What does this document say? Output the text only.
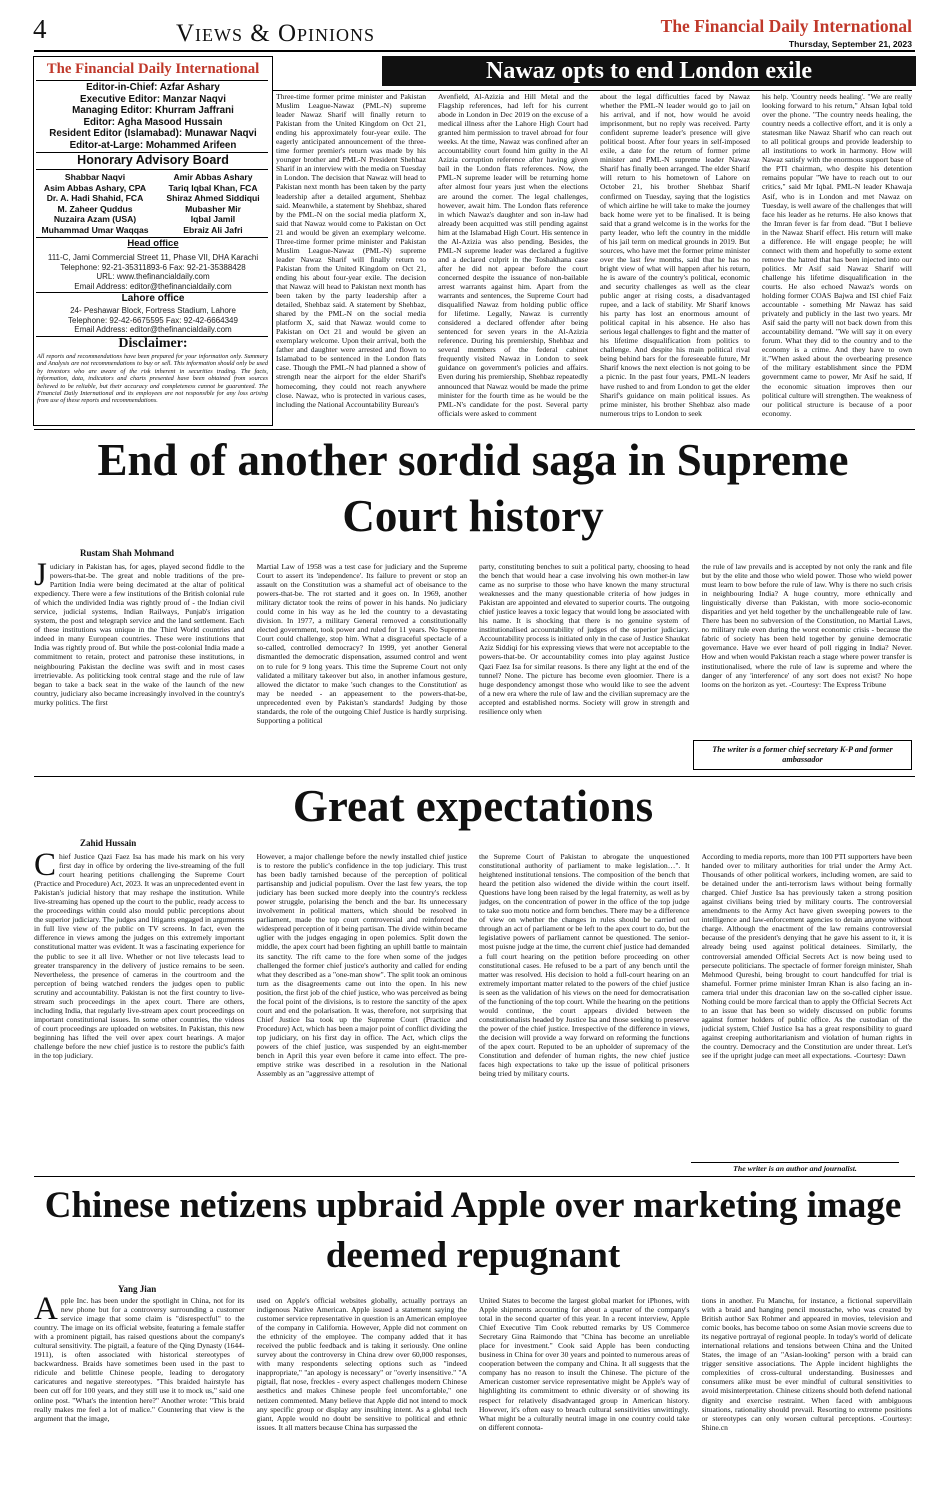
4	Views & Opinions	The Financial Daily International
Thursday, September 21, 2023
The Financial Daily International
Editor-in-Chief: Azfar Ashary
Executive Editor: Manzar Naqvi
Managing Editor: Khurram Jaffrani
Editor: Agha Masood Hussain
Resident Editor (Islamabad): Munawar Naqvi
Editor-at-Large: Mohammed Arifeen
Honorary Advisory Board
Shabbar Naqvi
Asim Abbas Ashary, CPA
Dr. A. Hadi Shahid, FCA
M. Zaheer Quddus
Nuzaira Azam (USA)
Muhammad Umar Waqqas
Amir Abbas Ashary
Tariq Iqbal Khan, FCA
Shiraz Ahmed Siddiqui
Mubasher Mir
Iqbal Jamil
Ebraiz Ali Jafri
Head office
111-C, Jami Commercial Street 11, Phase VII, DHA Karachi
Telephone: 92-21-35311893-6 Fax: 92-21-35388428
URL: www.thefinancialdaily.com
Email Address: editor@thefinancialdaily.com
Lahore office
24- Peshawar Block, Fortress Stadium, Lahore
Telephone: 92-42-6675595 Fax: 92-42-6664349
Email Address: editor@thefinancialdaily.com
Disclaimer:
All reports and recommendations have been prepared for your information only. Summary and Analysis are not recommendations to buy or sell. This information should only be used by investors who are aware of the risk inherent in securities trading. The facts, information, data, indicators and charts presented have been obtained from sources believed to be reliable, but their accuracy and completeness cannot be guaranteed. The Financial Daily International and its employees are not responsible for any loss arising from use of these reports and recommendations.
Nawaz opts to end London exile
Three-time former prime minister and Pakistan Muslim League-Nawaz (PML-N) supreme leader Nawaz Sharif will finally return to Pakistan from the United Kingdom on Oct 21, ending his approximately four-year exile. The eagerly anticipated announcement of the three-time former premier's return was made by his younger brother and PML-N President Shehbaz Sharif in an interview with the media on Tuesday in London. The decision that Nawaz will head to Pakistan next month has been taken by the party leadership after a detailed argument, Shehbaz said. Meanwhile, a statement by Shehbaz, shared by the PML-N on the social media platform X, said that Nawaz would come to Pakistan on Oct 21 and would be given an exemplary welcome. Three-time former prime minister and Pakistan Muslim League-Nawaz (PML-N) supreme leader Nawaz Sharif will finally return to Pakistan from the United Kingdom on Oct 21, ending his about four-year exile. The decision that Nawaz will head to Pakistan next month has been taken by the party leadership after a detailed, Shehbaz said. A statement by Shehbaz, shared by the PML-N on the social media platform X, said that Nawaz would come to Pakistan on Oct 21 and would be given an exemplary welcome. Upon their arrival, both the father and daughter were arrested and flown to Islamabad to be sentenced in the London flats case. Though the PML-N had planned a show of strength near the airport for the elder Sharif's homecoming, they could not reach anywhere close. Nawaz, who is protected in various cases, including the National Accountability Bureau's
Avenfield, Al-Azizia and Hill Metal and the Flagship references, had left for his current abode in London in Dec 2019 on the excuse of a medical illness after the Lahore High Court had granted him permission to travel abroad for four weeks. At the time, Nawaz was confined after an accountability court found him guilty in the Al Azizia corruption reference after having given bail in the London flats references. Now, the PML-N supreme leader will be returning home after almost four years just when the elections are around the corner. The legal challenges, however, await him. The London flats reference in which Nawaz's daughter and son in-law had already been acquitted was still pending against him at the Islamabad High Court. His sentence in the Al-Azizia was also pending. Besides, the PML-N supreme leader was declared a fugitive and a declared culprit in the Toshakhana case after he did not appear before the court concerned despite the issuance of non-bailable arrest warrants against him. Apart from the warrants and sentences, the Supreme Court had disqualified Nawaz from holding public office for lifetime. Legally, Nawaz is currently considered a declared offender after being sentenced for seven years in the Al-Azizia reference. During his premiership, Shehbaz and several members of the federal cabinet frequently visited Nawaz in London to seek guidance on government's policies and affairs. Even during his premiership, Shehbaz repeatedly announced that Nawaz would be made the prime minister for the fourth time as he would be the PML-N's candidate for the post. Several party officials were asked to comment
about the legal difficulties faced by Nawaz whether the PML-N leader would go to jail on his arrival, and if not, how would he avoid imprisonment, but no reply was received. Party confident supreme leader's presence will give political boost. After four years in self-imposed exile, a date for the return of former prime minister and PML-N supreme leader Nawaz Sharif has finally been arranged. The elder Sharif will return to his hometown of Lahore on October 21, his brother Shehbaz Sharif confirmed on Tuesday, saying that the logistics of which airline he will take to make the journey back home were yet to be finalised. It is being said that a grand welcome is in the works for the party leader, who left the country in the middle of his jail term on medical grounds in 2019. But sources, who have met the former prime minister over the last few months, said that he has no bright view of what will happen after his return, he is aware of the country's political, economic and security challenges as well as the clear public anger at rising costs, a disadvantaged rupee, and a lack of stability. Mr Sharif knows his party has lost an enormous amount of political capital in his absence. He also has serious legal challenges to fight and the matter of his lifetime disqualification from politics to challenge. And despite his main political rival being behind bars for the foreseeable future, Mr Sharif knows the next election is not going to be a picnic. In the past four years, PML-N leaders have rushed to and from London to get the elder Sharif's guidance on main political issues. As prime minister, his brother Shehbaz also made numerous trips to London to seek
his help. 'Country needs healing'. "We are really looking forward to his return," Ahsan Iqbal told over the phone. "The country needs healing, the country needs a collective effort, and it is only a statesman like Nawaz Sharif who can reach out to all political groups and provide leadership to all institutions to work in harmony. How will Nawaz satisfy with the enormous support base of the PTI chairman, who despite his detention remains popular "We have to reach out to our critics," said Mr Iqbal. PML-N leader Khawaja Asif, who is in London and met Nawaz on Tuesday, is well aware of the challenges that will face his leader as he returns. He also knows that the Imran fever is far from dead. "But I believe in the Nawaz Sharif effect. His return will make a difference. He will engage people; he will connect with them and hopefully to some extent remove the hatred that has been injected into our politics. Mr Asif said Nawaz Sharif will challenge his lifetime disqualification in the courts. He also echoed Nawaz's words on holding former COAS Bajwa and ISI chief Faiz accountable - something Mr Nawaz has said privately and publicly in the last two years. Mr Asif said the party will not back down from this accountability demand. "We will say it on every forum. What they did to the country and to the economy is a crime. And they have to own it."When asked about the overbearing presence of the military establishment since the PDM government came to power, Mr Asif he said, If the economic situation improves then our political culture will strengthen. The weakness of our political structure is because of a poor economy.
End of another sordid saga in Supreme Court history
Rustam Shah Mohmand
Judiciary in Pakistan has, for ages, played second fiddle to the powers-that-be. The great and noble traditions of the pre-Partition India were being decimated at the altar of political expediency. There were a few institutions of the British colonial rule of which the undivided India was rightly proud of - the Indian civil service, judicial systems, Indian Railways, Punjab's irrigation system, the post and telegraph service and the land settlement. Each of these institutions was unique in the Third World countries and indeed in many European countries. These were institutions that India was rightly proud of. But while the post-colonial India made a commitment to retain, protect and patronise these institutions, in neighbouring Pakistan the decline was swift and in most cases irretrievable. As politicking took central stage and the rule of law began to take a back seat in the wake of the launch of the new country, judiciary also became increasingly involved in the country's murky politics. The first
Martial Law of 1958 was a test case for judiciary and the Supreme Court to assert its 'independence'. Its failure to prevent or stop an assault on the Constitution was a shameful act of obeisance to the powers-that-be. The rot started and it goes on. In 1969, another military dictator took the reins of power in his hands. No judiciary could come in his way as he led the country to a devastating division. In 1977, a military General removed a constitutionally elected government, took power and ruled for 11 years. No Supreme Court could challenge, stop him. What a disgraceful spectacle of a so-called, controlled democracy? In 1999, yet another General dismantled the democratic dispensation, assumed control and went on to rule for 9 long years. This time the Supreme Court not only validated a military takeover but also, in another infamous gesture, allowed the dictator to make 'such changes to the Constitution' as may be needed - an appeasement to the powers-that-be, unprecedented even by Pakistan's standards! Judging by those standards, the role of the outgoing Chief Justice is hardly surprising. Supporting a political
party, constituting benches to suit a political party, choosing to head the bench that would hear a case involving his own mother-in law came as no surprise to those who have known the many structural weaknesses and the many questionable criteria of how judges in Pakistan are appointed and elevated to superior courts. The outgoing chief justice leaves a toxic legacy that would long be associated with his name. It is shocking that there is no genuine system of institutionalised accountability of judges of the superior judiciary. Accountability process is initiated only in the case of Justice Shaukat Aziz Siddiqi for his expressing views that were not acceptable to the powers-that-be. Or accountability comes into play against Justice Qazi Faez Isa for similar reasons. Is there any light at the end of the tunnel? None. The picture has become even gloomier. There is a huge despondency amongst those who would like to see the advent of a new era where the rule of law and the civilian supremacy are the accepted and established norms. Society will grow in strength and resilience only when
the rule of law prevails and is accepted by not only the rank and file but by the elite and those who wield power. Those who wield power must learn to bow before the rule of law. Why is there no such crisis in neighbouring India? A huge country, more ethnically and linguistically diverse than Pakistan, with more socio-economic disparities and yet held together by the unchallengeable rule of law. There has been no subversion of the Constitution, no Martial Laws, no military rule even during the worst economic crisis - because the fabric of society has been held together by genuine democratic governance. Have we ever heard of poll rigging in India? Never. How and when would Pakistan reach a stage where power transfer is institutionalised, where the rule of law is supreme and where the danger of any 'interference' of any sort does not exist? No hope looms on the horizon as yet. -Courtesy: The Express Tribune
The writer is a former chief secretary K-P and former ambassador
Great expectations
Zahid Hussain
Chief Justice Qazi Faez Isa has made his mark on his very first day in office by ordering the live-streaming of the full court hearing petitions challenging the Supreme Court (Practice and Procedure) Act, 2023. It was an unprecedented event in Pakistan's judicial history that may reshape the institution. While live-streaming has opened up the court to the public, ready access to the proceedings within could also mould public perceptions about the superior judiciary. The judges and litigants engaged in arguments in full live view of the public on TV screens. In fact, even the difference in views among the judges on this extremely important constitutional matter was evident. It was a fascinating experience for the public to see it all live. Whether or not live telecasts lead to greater transparency in the delivery of justice remains to be seen. Nevertheless, the presence of cameras in the courtroom and the perception of being watched renders the judges open to public scrutiny and accountability. Pakistan is not the first country to live-stream such proceedings in the apex court. There are others, including India, that regularly live-stream apex court proceedings on important constitutional issues. In some other countries, the videos of court proceedings are uploaded on websites. In Pakistan, this new beginning has lifted the veil over apex court hearings. A major challenge before the new chief justice is to restore the public's faith in the top judiciary.
However, a major challenge before the newly installed chief justice is to restore the public's confidence in the top judiciary. This trust has been badly tarnished because of the perception of political partisanship and judicial populism. Over the last few years, the top judiciary has been sucked more deeply into the country's reckless power struggle, polarising the bench and the bar. Its unnecessary involvement in political matters, which should be resolved in parliament, made the top court controversial and reinforced the widespread perception of it being partisan. The divide within became uglier with the judges engaging in open polemics. Split down the middle, the apex court had been fighting an uphill battle to maintain its sanctity. The rift came to the fore when some of the judges challenged the former chief justice's authority and called for ending what they described as a "one-man show". The split took an ominous turn as the disagreements came out into the open. In his new position, the first job of the chief justice, who was perceived as being the focal point of the divisions, is to restore the sanctity of the apex court and end the polarisation. It was, therefore, not surprising that Chief Justice Isa took up the Supreme Court (Practice and Procedure) Act, which has been a major point of conflict dividing the top judiciary, on his first day in office. The Act, which clips the powers of the chief justice, was suspended by an eight-member bench in April this year even before it came into effect. The pre-emptive strike was described in a resolution in the National Assembly as an "aggressive attempt of
the Supreme Court of Pakistan to abrogate the unquestioned constitutional authority of parliament to make legislation…". It heightened institutional tensions. The composition of the bench that heard the petition also widened the divide within the court itself. Questions have long been raised by the legal fraternity, as well as by judges, on the concentration of power in the office of the top judge to take suo motu notice and form benches. There may be a difference of view on whether the changes in rules should be carried out through an act of parliament or be left to the apex court to do, but the legislative powers of parliament cannot be questioned. The senior-most puisne judge at the time, the current chief justice had demanded a full court hearing on the petition before proceeding on other constitutional cases. He refused to be a part of any bench until the matter was resolved. His decision to hold a full-court hearing on an extremely important matter related to the powers of the chief justice is seen as the validation of his views on the need for democratisation of the functioning of the top court. While the hearing on the petitions would continue, the court appears divided between the constitutionalists headed by Justice Isa and those seeking to preserve the power of the chief justice. Irrespective of the difference in views, the decision will provide a way forward on reforming the functions of the apex court. Reputed to be an upholder of supremacy of the Constitution and defender of human rights, the new chief justice faces high expectations to take up the issue of political prisoners being tried by military courts.
According to media reports, more than 100 PTI supporters have been handed over to military authorities for trial under the Army Act. Thousands of other political workers, including women, are said to be detained under the anti-terrorism laws without being formally charged. Chief Justice Isa has previously taken a strong position against civilians being tried by military courts. The controversial amendments to the Army Act have given sweeping powers to the intelligence and law-enforcement agencies to detain anyone without charge. Although the enactment of the law remains controversial because of the president's denying that he gave his assent to it, it is already being used against political detainees. Similarly, the controversial amended Official Secrets Act is now being used to persecute politicians. The spectacle of former foreign minister, Shah Mehmood Qureshi, being brought to court handcuffed for trial is shameful. Former prime minister Imran Khan is also facing an in-camera trial under this draconian law on the so-called cipher issue. Nothing could be more farcical than to apply the Official Secrets Act to an issue that has been so widely discussed on public forums against former holders of public office. As the custodian of the judicial system, Chief Justice Isa has a great responsibility to guard against creeping authoritarianism and violation of human rights in the country. Democracy and the Constitution are under threat. Let's see if the upright judge can meet all expectations. -Courtesy: Dawn
The writer is an author and journalist.
Chinese netizens upbraid Apple over marketing image deemed repugnant
Yang Jian
Apple Inc. has been under the spotlight in China, not for its new phone but for a controversy surrounding a customer service image that some claim is "disrespectful" to the country. The image on its official website, featuring a female staffer with a prominent pigtail, has raised questions about the company's cultural sensitivity. The pigtail, a feature of the Qing Dynasty (1644-1911), is often associated with historical stereotypes of backwardness. Braids have sometimes been used in the past to ridicule and belittle Chinese people, leading to derogatory caricatures and negative stereotypes. "This braided hairstyle has been cut off for 100 years, and they still use it to mock us," said one online post. "What's the intention here?" Another wrote: "This braid really makes me feel a lot of malice." Countering that view is the argument that the image,
used on Apple's official websites globally, actually portrays an indigenous Native American. Apple issued a statement saying the customer service representative in question is an American employee of the company in California. However, Apple did not comment on the ethnicity of the employee. The company added that it has received the public feedback and is taking it seriously. One online survey about the controversy in China drew over 60,000 responses, with many respondents selecting options such as "indeed inappropriate," "an apology is necessary" or "overly insensitive." "A pigtail, flat nose, freckles - every aspect challenges modern Chinese aesthetics and makes Chinese people feel uncomfortable," one netizen commented. Many believe that Apple did not intend to mock any specific group or display any insulting intent. As a global tech giant, Apple would no doubt be sensitive to political and ethnic issues. It all matters because China has surpassed the
United States to become the largest global market for iPhones, with Apple shipments accounting for about a quarter of the company's total in the second quarter of this year. In a recent interview, Apple Chief Executive Tim Cook rebutted remarks by US Commerce Secretary Gina Raimondo that "China has become an unreliable place for investment." Cook said Apple has been conducting business in China for over 30 years and pointed to numerous areas of cooperation between the company and China. It all suggests that the company has no reason to insult the Chinese. The picture of the American customer service representative might be Apple's way of highlighting its commitment to ethnic diversity or of showing its respect for relatively disadvantaged group in American history. However, it's often easy to breach cultural sensitivities unwittingly. What might be a culturally neutral image in one country could take on different connota-
tions in another. Fu Manchu, for instance, a fictional supervillain with a braid and hanging pencil moustache, who was created by British author Sax Rohmer and appeared in movies, television and comic books, has become taboo on some Asian movie screens due to its negative portrayal of regional people. In today's world of delicate international relations and tensions between China and the United States, the image of an "Asian-looking" person with a braid can trigger sensitive associations. The Apple incident highlights the complexities of cross-cultural understanding. Businesses and consumers alike must be ever mindful of cultural sensitivities to avoid misinterpretation. Chinese citizens should both defend national dignity and exercise restraint. When faced with ambiguous situations, rationality should prevail. Resorting to extreme positions or stereotypes can only worsen cultural perceptions. -Courtesy: Shine.cn
